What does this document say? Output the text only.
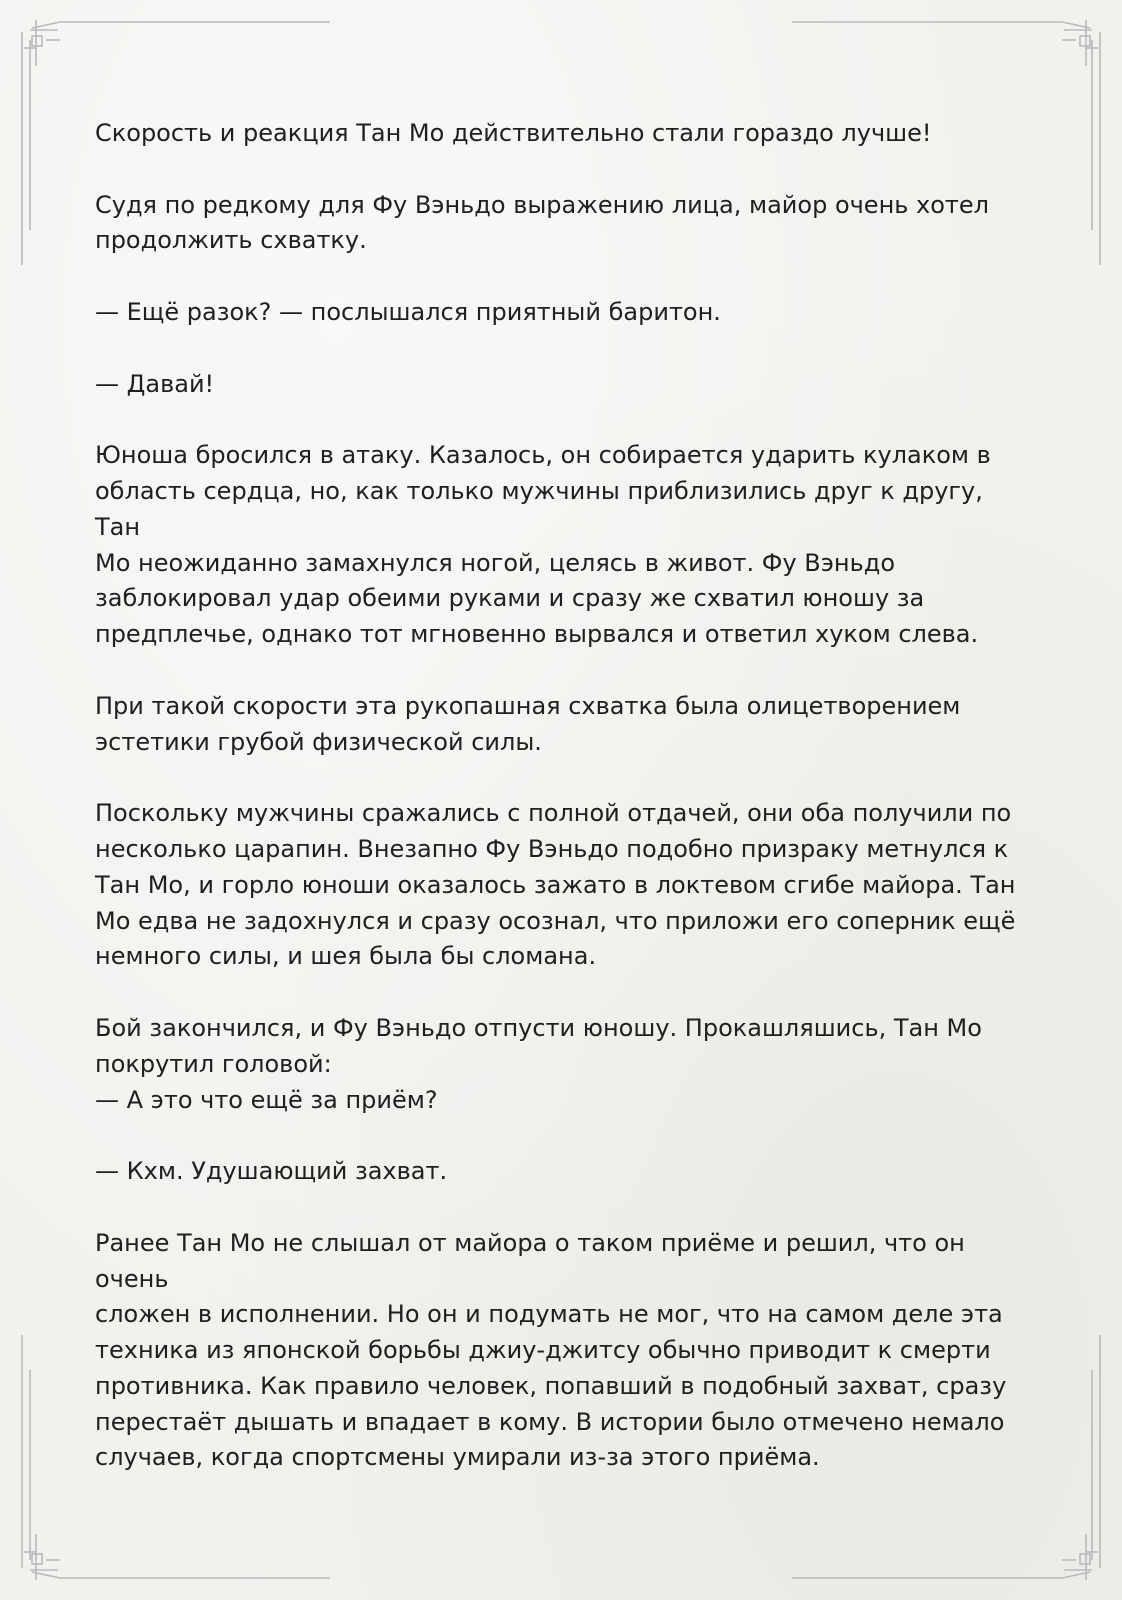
Скорость и реакция Тан Мо действительно стали гораздо лучше!

Судя по редкому для Фу Вэньдо выражению лица, майор очень хотел
продолжить схватку.

— Ещё разок? — послышался приятный баритон.

— Давай!

Юноша бросился в атаку. Казалось, он собирается ударить кулаком в
область сердца, но, как только мужчины приблизились друг к другу, Тан
Мо неожиданно замахнулся ногой, целясь в живот. Фу Вэньдо
заблокировал удар обеими руками и сразу же схватил юношу за
предплечье, однако тот мгновенно вырвался и ответил хуком слева.

При такой скорости эта рукопашная схватка была олицетворением
эстетики грубой физической силы.

Поскольку мужчины сражались с полной отдачей, они оба получили по
несколько царапин. Внезапно Фу Вэньдо подобно призраку метнулся к
Тан Мо, и горло юноши оказалось зажато в локтевом сгибе майора. Тан
Мо едва не задохнулся и сразу осознал, что приложи его соперник ещё
немного силы, и шея была бы сломана.

Бой закончился, и Фу Вэньдо отпусти юношу. Прокашляшись, Тан Мо
покрутил головой:
— А это что ещё за приём?

— Кхм. Удушающий захват.

Ранее Тан Мо не слышал от майора о таком приёме и решил, что он очень
сложен в исполнении. Но он и подумать не мог, что на самом деле эта
техника из японской борьбы джиу-джитсу обычно приводит к смерти
противника. Как правило человек, попавший в подобный захват, сразу
перестаёт дышать и впадает в кому. В истории было отмечено немало
случаев, когда спортсмены умирали из-за этого приёма.
